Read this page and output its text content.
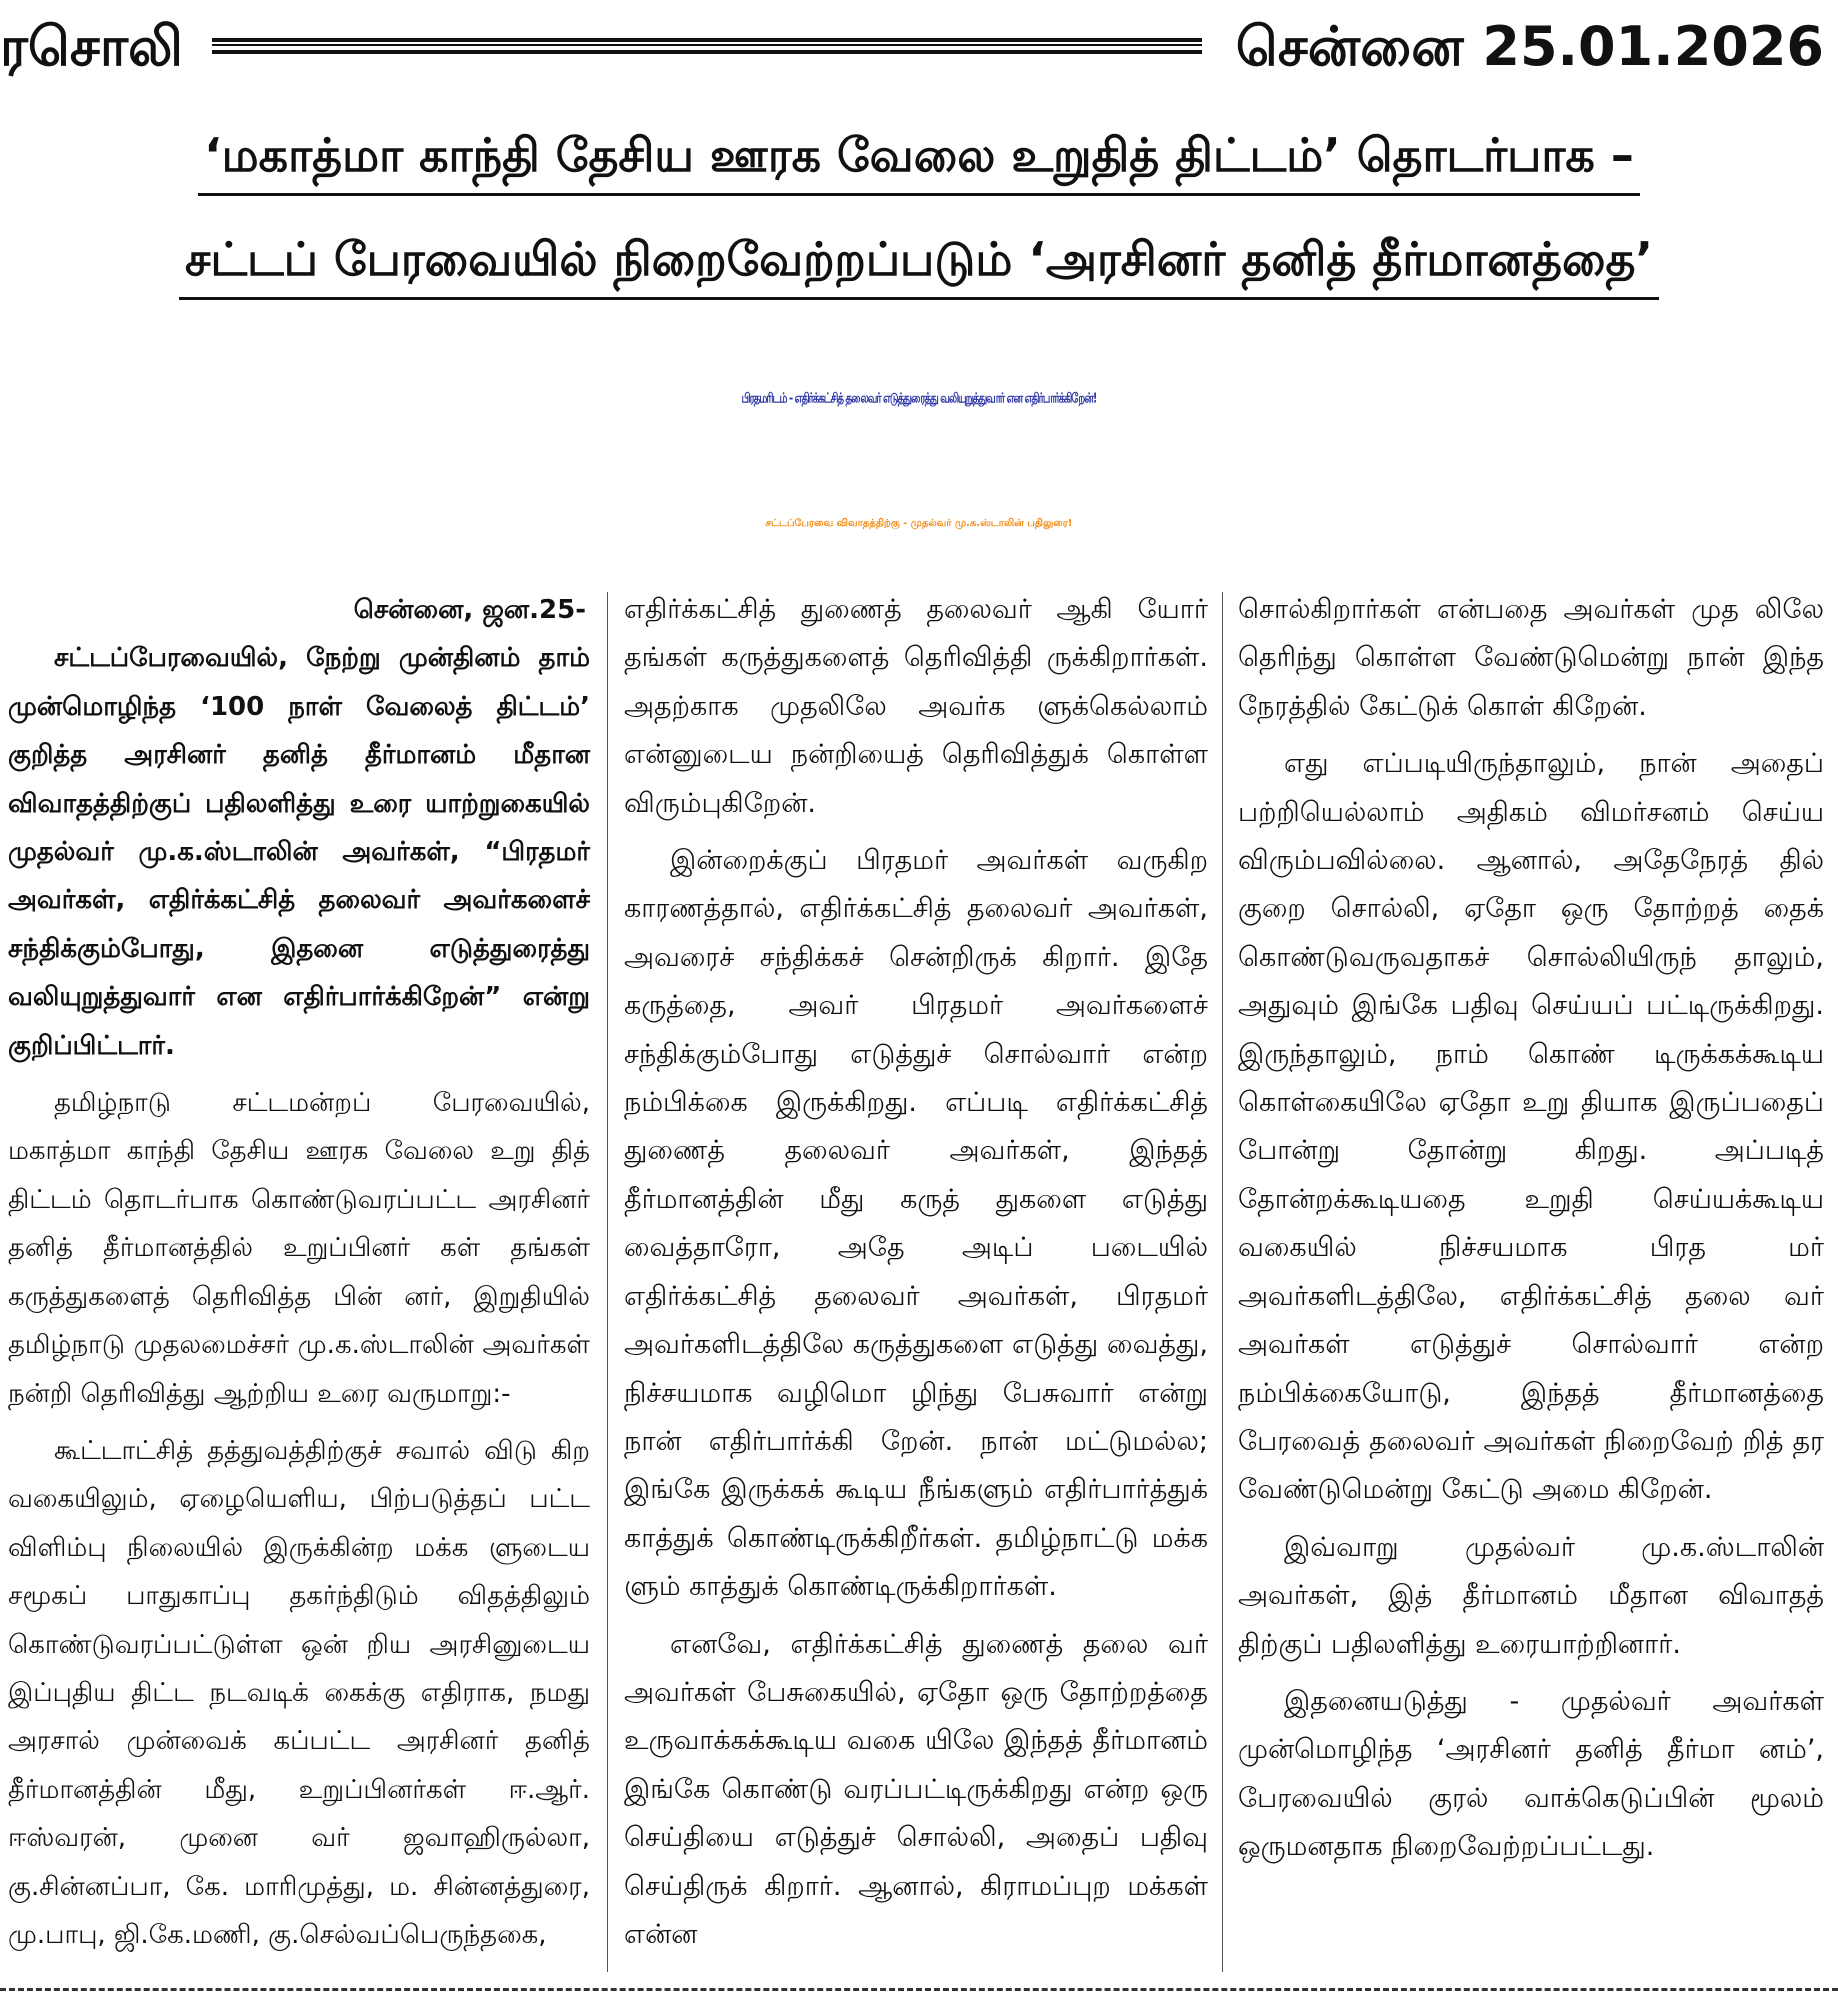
ரசொலி	சென்னை 25.01.2026
‘மகாத்மா காந்தி தேசிய ஊரக வேலை உறுதித் திட்டம்’ தொடர்பாக –
சட்டப் பேரவையில் நிறைவேற்றப்படும் ‘அரசினர் தனித் தீர்மானத்தை’
பிரதமரிடம் - எதிர்க்கட்சித் தலைவர் எடுத்துரைத்து வலியுறுத்துவார் என எதிர்பார்க்கிறேன்!
சட்டப்பேரவை விவாதத்திற்கு - முதல்வர் மு.க.ஸ்டாலின் பதிலுரை!

சென்னை, ஜன.25-

சட்டப்பேரவையில், நேற்று முன்தினம் தாம் முன்மொழிந்த ‘100 நாள் வேலைத் திட்டம்’ குறித்த அரசினர் தனித் தீர்மானம் மீதான விவாதத்திற்குப் பதிலளித்து உரை யாற்றுகையில் முதல்வர் மு.க.ஸ்டாலின் அவர்கள், “பிரதமர் அவர்கள், எதிர்க்கட்சித் தலைவர் அவர்களைச் சந்திக்கும்போது, இதனை எடுத்துரைத்து வலியுறுத்துவார் என எதிர்பார்க்கிறேன்” என்று குறிப்பிட்டார்.

தமிழ்நாடு சட்டமன்றப் பேரவையில், மகாத்மா காந்தி தேசிய ஊரக வேலை உறு தித் திட்டம் தொடர்பாக கொண்டுவரப்பட்ட அரசினர் தனித் தீர்மானத்தில் உறுப்பினர் கள் தங்கள் கருத்துகளைத் தெரிவித்த பின் னர், இறுதியில் தமிழ்நாடு முதலமைச்சர் மு.க.ஸ்டாலின் அவர்கள் நன்றி தெரிவித்து ஆற்றிய உரை வருமாறு:-

கூட்டாட்சித் தத்துவத்திற்குச் சவால் விடு கிற வகையிலும், ஏழையெளிய, பிற்படுத்தப் பட்ட விளிம்பு நிலையில் இருக்கின்ற மக்க ளுடைய சமூகப் பாதுகாப்பு தகர்ந்திடும் விதத்திலும் கொண்டுவரப்பட்டுள்ள ஒன் றிய அரசினுடைய இப்புதிய திட்ட நடவடிக் கைக்கு எதிராக, நமது அரசால் முன்வைக் கப்பட்ட அரசினர் தனித் தீர்மானத்தின் மீது, உறுப்பினர்கள் ஈ.ஆர். ஈஸ்வரன், முனை வர் ஜவாஹிருல்லா, கு.சின்னப்பா, கே. மாரிமுத்து, ம. சின்னத்துரை, மு.பாபு, ஜி.கே.மணி, கு.செல்வப்பெருந்தகை,

எதிர்க்கட்சித் துணைத் தலைவர் ஆகி யோர் தங்கள் கருத்துகளைத் தெரிவித்தி ருக்கிறார்கள். அதற்காக முதலிலே அவர்க ளுக்கெல்லாம் என்னுடைய நன்றியைத் தெரிவித்துக் கொள்ள விரும்புகிறேன்.

இன்றைக்குப் பிரதமர் அவர்கள் வருகிற காரணத்தால், எதிர்க்கட்சித் தலைவர் அவர்கள், அவரைச் சந்திக்கச் சென்றிருக் கிறார். இதே கருத்தை, அவர் பிரதமர் அவர்களைச் சந்திக்கும்போது எடுத்துச் சொல்வார் என்ற நம்பிக்கை இருக்கிறது. எப்படி எதிர்க்கட்சித் துணைத் தலைவர் அவர்கள், இந்தத் தீர்மானத்தின் மீது கருத் துகளை எடுத்து வைத்தாரோ, அதே அடிப் படையில் எதிர்க்கட்சித் தலைவர் அவர்கள், பிரதமர் அவர்களிடத்திலே கருத்துகளை எடுத்து வைத்து, நிச்சயமாக வழிமொ ழிந்து பேசுவார் என்று நான் எதிர்பார்க்கி றேன். நான் மட்டுமல்ல; இங்கே இருக்கக் கூடிய நீங்களும் எதிர்பார்த்துக் காத்துக் கொண்டிருக்கிறீர்கள். தமிழ்நாட்டு மக்க ளும் காத்துக் கொண்டிருக்கிறார்கள்.

எனவே, எதிர்க்கட்சித் துணைத் தலை வர் அவர்கள் பேசுகையில், ஏதோ ஒரு தோற்றத்தை உருவாக்கக்கூடிய வகை யிலே இந்தத் தீர்மானம் இங்கே கொண்டு வரப்பட்டிருக்கிறது என்ற ஒரு செய்தியை எடுத்துச் சொல்லி, அதைப் பதிவு செய்திருக் கிறார். ஆனால், கிராமப்புற மக்கள் என்ன

சொல்கிறார்கள் என்பதை அவர்கள் முத லிலே தெரிந்து கொள்ள வேண்டுமென்று நான் இந்த நேரத்தில் கேட்டுக் கொள் கிறேன்.

எது எப்படியிருந்தாலும், நான் அதைப் பற்றியெல்லாம் அதிகம் விமர்சனம் செய்ய விரும்பவில்லை. ஆனால், அதேநேரத் தில் குறை சொல்லி, ஏதோ ஒரு தோற்றத் தைக் கொண்டுவருவதாகச் சொல்லியிருந் தாலும், அதுவும் இங்கே பதிவு செய்யப் பட்டிருக்கிறது. இருந்தாலும், நாம் கொண் டிருக்கக்கூடிய கொள்கையிலே ஏதோ உறு தியாக இருப்பதைப் போன்று தோன்று கிறது. அப்படித் தோன்றக்கூடியதை உறுதி செய்யக்கூடிய வகையில் நிச்சயமாக பிரத மர் அவர்களிடத்திலே, எதிர்க்கட்சித் தலை வர் அவர்கள் எடுத்துச் சொல்வார் என்ற நம்பிக்கையோடு, இந்தத் தீர்மானத்தை பேரவைத் தலைவர் அவர்கள் நிறைவேற் றித் தர வேண்டுமென்று கேட்டு அமை கிறேன்.

இவ்வாறு முதல்வர் மு.க.ஸ்டாலின் அவர்கள், இத் தீர்மானம் மீதான விவாதத் திற்குப் பதிலளித்து உரையாற்றினார்.

இதனையடுத்து - முதல்வர் அவர்கள் முன்மொழிந்த ‘அரசினர் தனித் தீர்மா னம்’, பேரவையில் குரல் வாக்கெடுப்பின் மூலம் ஒருமனதாக நிறைவேற்றப்பட்டது.
